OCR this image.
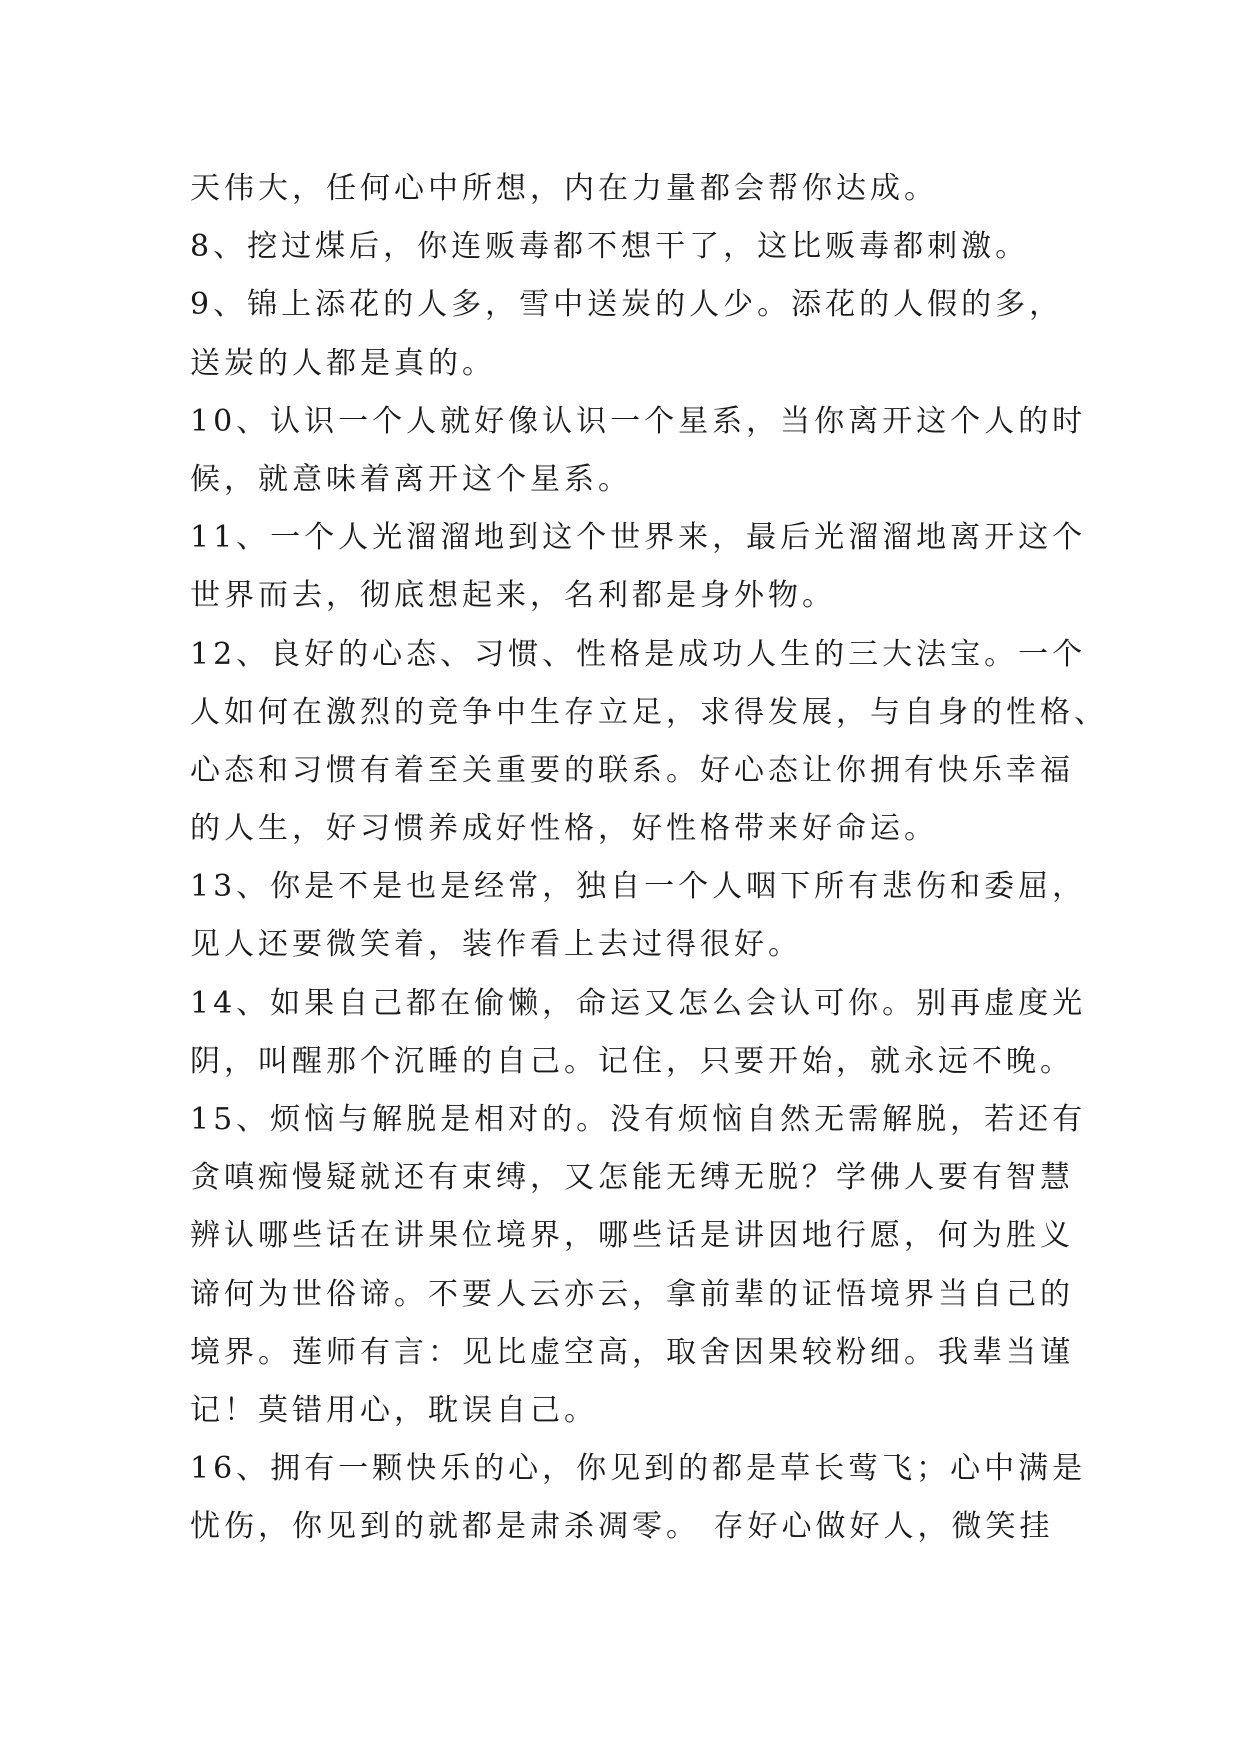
天伟大，任何心中所想，内在力量都会帮你达成。
8、挖过煤后，你连贩毒都不想干了，这比贩毒都刺激。
9、锦上添花的人多，雪中送炭的人少。添花的人假的多，
送炭的人都是真的。
10、认识一个人就好像认识一个星系，当你离开这个人的时
候，就意味着离开这个星系。
11、一个人光溜溜地到这个世界来，最后光溜溜地离开这个
世界而去，彻底想起来，名利都是身外物。
12、良好的心态、习惯、性格是成功人生的三大法宝。一个
人如何在激烈的竞争中生存立足，求得发展，与自身的性格、
心态和习惯有着至关重要的联系。好心态让你拥有快乐幸福
的人生，好习惯养成好性格，好性格带来好命运。
13、你是不是也是经常，独自一个人咽下所有悲伤和委屈，
见人还要微笑着，装作看上去过得很好。
14、如果自己都在偷懒，命运又怎么会认可你。别再虚度光
阴，叫醒那个沉睡的自己。记住，只要开始，就永远不晚。
15、烦恼与解脱是相对的。没有烦恼自然无需解脱，若还有
贪嗔痴慢疑就还有束缚，又怎能无缚无脱？学佛人要有智慧
辨认哪些话在讲果位境界，哪些话是讲因地行愿，何为胜义
谛何为世俗谛。不要人云亦云，拿前辈的证悟境界当自己的
境界。莲师有言：见比虚空高，取舍因果较粉细。我辈当谨
记！莫错用心，耽误自己。
16、拥有一颗快乐的心，你见到的都是草长莺飞；心中满是
忧伤，你见到的就都是肃杀凋零。 存好心做好人，微笑挂
